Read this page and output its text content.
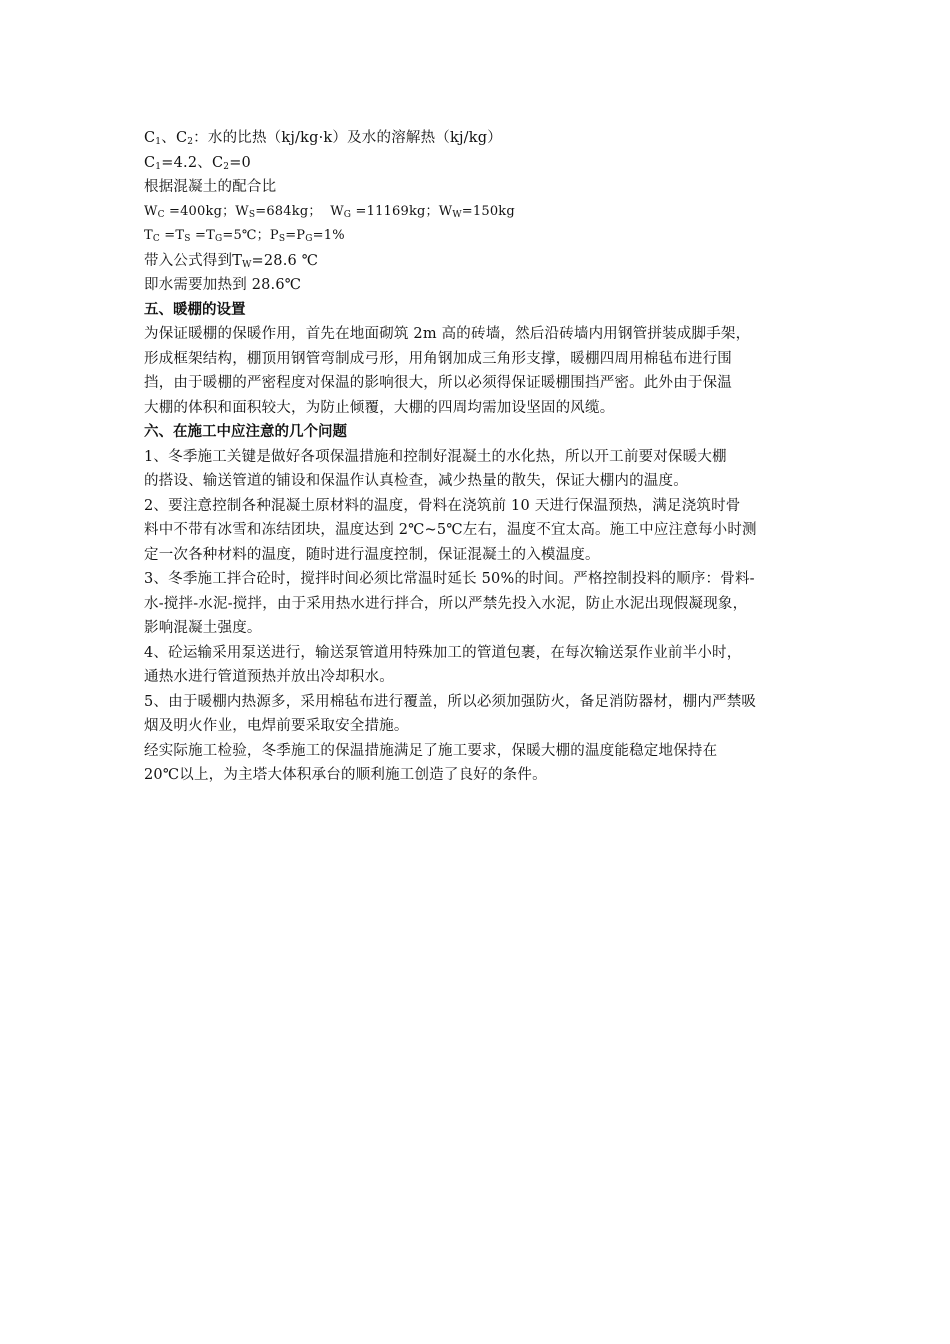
$C_1$、$C_2$：水的比热（kj/kg·k）及水的溶解热（kj/kg）
$C_1=4.2$、$C_2=0$
根据混凝土的配合比
$W_C =400kg$；$W_S=684kg$；  $W_G =11169kg$；$W_W=150kg$
$T_C =T_S$ $=T_G=5℃$；$P_S=P_G=1\%$
带入公式得到$T_W=28.6$ ℃
即水需要加热到 28.6℃
五、暖棚的设置
为保证暖棚的保暖作用，首先在地面砌筑 2m 高的砖墙，然后沿砖墙内用钢管拼装成脚手架，
形成框架结构，棚顶用钢管弯制成弓形，用角钢加成三角形支撑，暖棚四周用棉毡布进行围
挡，由于暖棚的严密程度对保温的影响很大，所以必须得保证暖棚围挡严密。此外由于保温
大棚的体积和面积较大，为防止倾覆，大棚的四周均需加设坚固的风缆。
六、在施工中应注意的几个问题
1、冬季施工关键是做好各项保温措施和控制好混凝土的水化热，所以开工前要对保暖大棚
的搭设、输送管道的铺设和保温作认真检查，减少热量的散失，保证大棚内的温度。
2、要注意控制各种混凝土原材料的温度，骨料在浇筑前 10 天进行保温预热，满足浇筑时骨
料中不带有冰雪和冻结团块，温度达到 2℃~5℃左右，温度不宜太高。施工中应注意每小时测
定一次各种材料的温度，随时进行温度控制，保证混凝土的入模温度。
3、冬季施工拌合砼时，搅拌时间必须比常温时延长 50%的时间。严格控制投料的顺序：骨料-
水-搅拌-水泥-搅拌，由于采用热水进行拌合，所以严禁先投入水泥，防止水泥出现假凝现象，
影响混凝土强度。
4、砼运输采用泵送进行，输送泵管道用特殊加工的管道包裹，在每次输送泵作业前半小时，
通热水进行管道预热并放出冷却积水。
5、由于暖棚内热源多，采用棉毡布进行覆盖，所以必须加强防火，备足消防器材，棚内严禁吸
烟及明火作业，电焊前要采取安全措施。
经实际施工检验，冬季施工的保温措施满足了施工要求，保暖大棚的温度能稳定地保持在
20℃以上，为主塔大体积承台的顺利施工创造了良好的条件。
